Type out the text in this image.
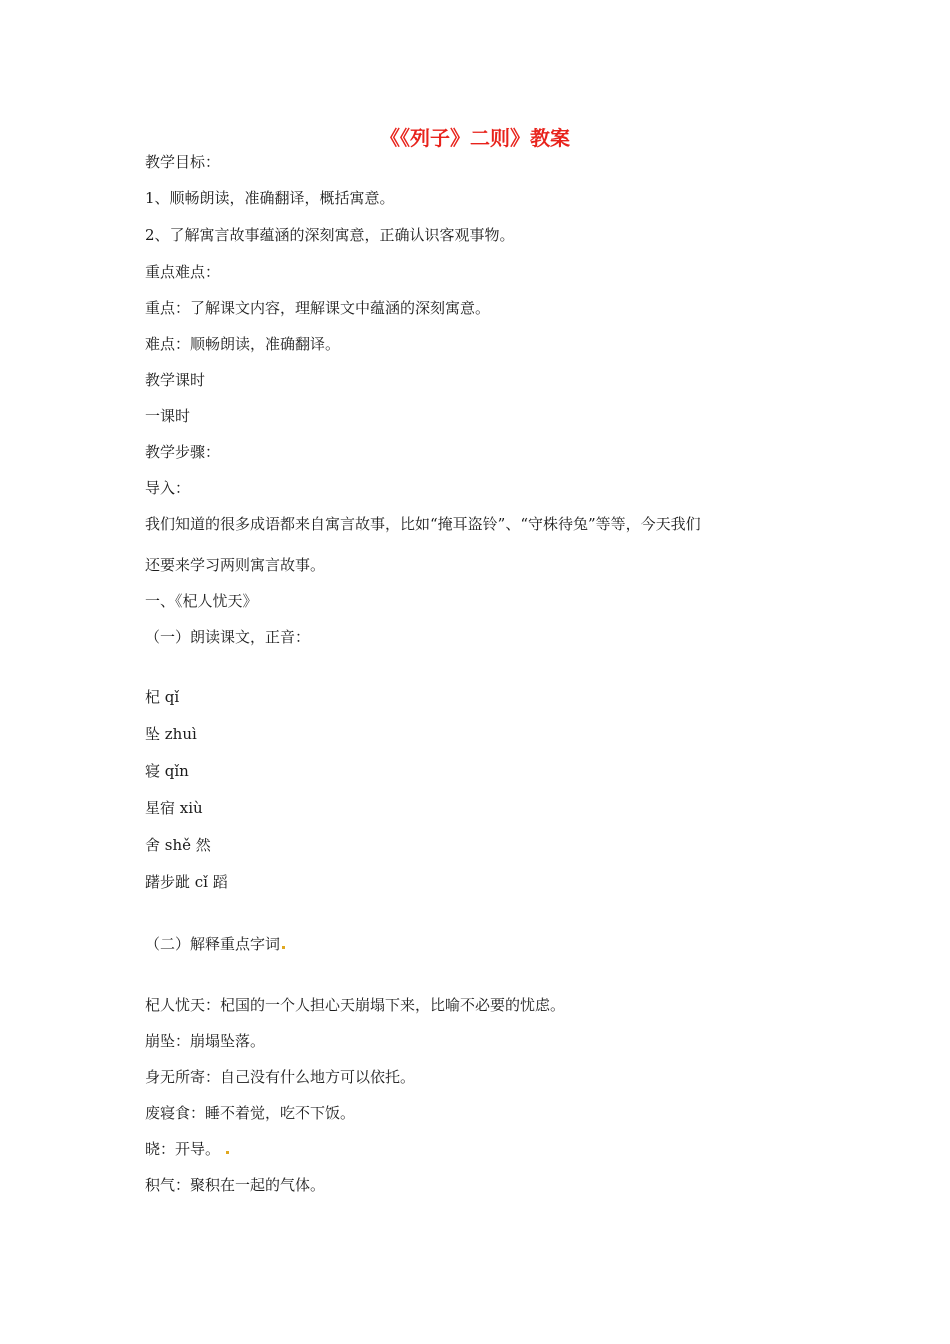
《《列子》二则》教案

教学目标：

1、顺畅朗读，准确翻译，概括寓意。

2、了解寓言故事蕴涵的深刻寓意，正确认识客观事物。

重点难点：

重点：了解课文内容，理解课文中蕴涵的深刻寓意。

难点：顺畅朗读，准确翻译。

教学课时

一课时

教学步骤：

导入：

我们知道的很多成语都来自寓言故事，比如“掩耳盗铃”、“守株待兔”等等，今天我们

还要来学习两则寓言故事。

一、《杞人忧天》

（一）朗读课文，正音：

杞 qǐ

坠 zhuì

寝 qǐn

星宿 xiù

舍 shě 然

躇步跐 cǐ 蹈

（二）解释重点字词

杞人忧天：杞国的一个人担心天崩塌下来，比喻不必要的忧虑。

崩坠：崩塌坠落。

身无所寄：自己没有什么地方可以依托。

废寝食：睡不着觉，吃不下饭。

晓：开导。

积气：聚积在一起的气体。
